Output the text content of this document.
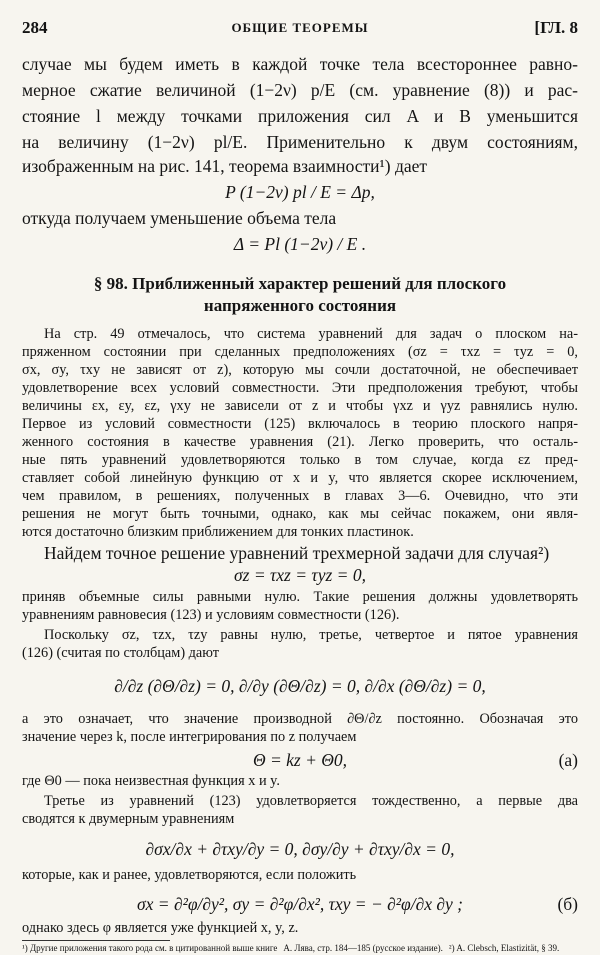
284	ОБЩИЕ ТЕОРЕМЫ	[ГЛ. 8
случае мы будем иметь в каждой точке тела всестороннее равно-
мерное сжатие величиной (1−2ν) p/E (см. уравнение (8)) и рас-
стояние l между точками приложения сил A и B уменьшится
на величину (1−2ν) pl/E. Применительно к двум состояниям,
изображенным на рис. 141, теорема взаимности¹) дает
P (1−2ν) pl / E = Δp,
откуда получаем уменьшение объема тела
Δ = Pl (1−2ν) / E .
§ 98. Приближенный характер решений для плоского
напряженного состояния
На стр. 49 отмечалось, что система уравнений для задач о плоском на-
пряженном состоянии при сделанных предположениях (σz = τxz = τyz = 0,
σx, σy, τxy не зависят от z), которую мы сочли достаточной, не обеспечивает
удовлетворение всех условий совместности. Эти предположения требуют, чтобы
величины εx, εy, εz, γxy не зависели от z и чтобы γxz и γyz равнялись нулю.
Первое из условий совместности (125) включалось в теорию плоского напря-
женного состояния в качестве уравнения (21). Легко проверить, что осталь-
ные пять уравнений удовлетворяются только в том случае, когда εz пред-
ставляет собой линейную функцию от x и y, что является скорее исключением,
чем правилом, в решениях, полученных в главах 3—6. Очевидно, что эти
решения не могут быть точными, однако, как мы сейчас покажем, они явля-
ются достаточно близким приближением для тонких пластинок.
Найдем точное решение уравнений трехмерной задачи для случая²)
σz = τxz = τyz = 0,
приняв объемные силы равными нулю. Такие решения должны удовлетворять
уравнениям равновесия (123) и условиям совместности (126).
Поскольку σz, τzx, τzy равны нулю, третье, четвертое и пятое уравнения
(126) (считая по столбцам) дают
∂/∂z (∂Θ/∂z) = 0, ∂/∂y (∂Θ/∂z) = 0, ∂/∂x (∂Θ/∂z) = 0,
а это означает, что значение производной ∂Θ/∂z постоянно. Обозначая это
значение через k, после интегрирования по z получаем
Θ = kz + Θ0,	(а)
где Θ0 — пока неизвестная функция x и y.
Третье из уравнений (123) удовлетворяется тождественно, а первые два
сводятся к двумерным уравнениям
∂σx/∂x + ∂τxy/∂y = 0, ∂σy/∂y + ∂τxy/∂x = 0,
которые, как и ранее, удовлетворяются, если положить
σx = ∂²φ/∂y², σy = ∂²φ/∂x², τxy = − ∂²φ/∂x ∂y ;	(б)
однако здесь φ является уже функцией x, y, z.
¹) Другие приложения такого рода см. в цитированной выше книге А. Лява, стр. 184—185 (русское издание). ²) A. Clebsch, Elastizität, § 39.
